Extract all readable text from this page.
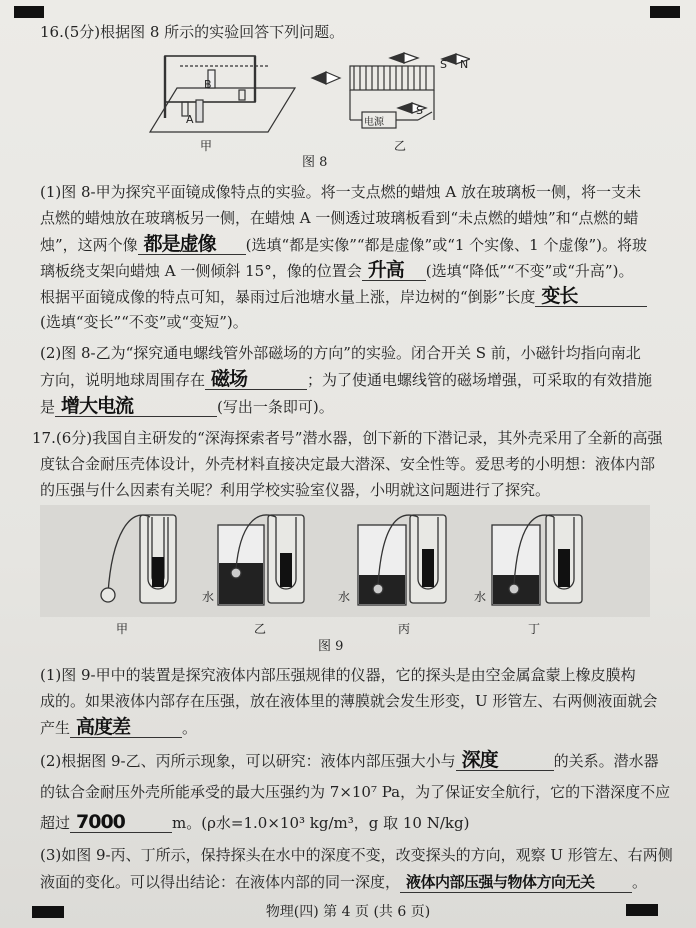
16.(5分)根据图 8 所示的实验回答下列问题。
B
A
甲
S N
S
电源
乙
图 8
(1)图 8-甲为探究平面镜成像特点的实验。将一支点燃的蜡烛 A 放在玻璃板一侧，将一支未
点燃的蜡烛放在玻璃板另一侧，在蜡烛 A 一侧透过玻璃板看到“未点燃的蜡烛”和“点燃的蜡
烛”，这两个像 都是虚像 (选填“都是实像”“都是虚像”或“1 个实像、1 个虚像”)。将玻
璃板绕支架向蜡烛 A 一侧倾斜 15°，像的位置会 升高 (选填“降低”“不变”或“升高”)。
根据平面镜成像的特点可知，暴雨过后池塘水量上涨，岸边树的“倒影”长度 变长
(选填“变长”“不变”或“变短”)。
(2)图 8-乙为“探究通电螺线管外部磁场的方向”的实验。闭合开关 S 前，小磁针均指向南北
方向，说明地球周围存在 磁场	；为了使通电螺线管的磁场增强，可采取的有效措施
是 增大电流	(写出一条即可)。
17.(6分)我国自主研发的“深海探索者号”潜水器，创下新的下潜记录，其外壳采用了全新的高强
度钛合金耐压壳体设计，外壳材料直接决定最大潜深、安全性等。爱思考的小明想：液体内部
的压强与什么因素有关呢？利用学校实验室仪器，小明就这问题进行了探究。
甲	乙	丙	丁
水	水	水
图 9
(1)图 9-甲中的装置是探究液体内部压强规律的仪器，它的探头是由空金属盒蒙上橡皮膜构
成的。如果液体内部存在压强，放在液体里的薄膜就会发生形变，U 形管左、右两侧液面就会
产生 高度差	。
(2)根据图 9-乙、丙所示现象，可以研究：液体内部压强大小与 深度	的关系。潜水器
的钛合金耐压外壳所能承受的最大压强约为 7×10⁷ Pa，为了保证安全航行，它的下潜深度不应
超过 7000	m。(ρ水=1.0×10³ kg/m³，g 取 10 N/kg)
(3)如图 9-丙、丁所示，保持探头在水中的深度不变，改变探头的方向，观察 U 形管左、右两侧
液面的变化。可以得出结论：在液体内部的同一深度， 液体内部压强与物体方向无关 。
物理(四) 第 4 页 (共 6 页)
